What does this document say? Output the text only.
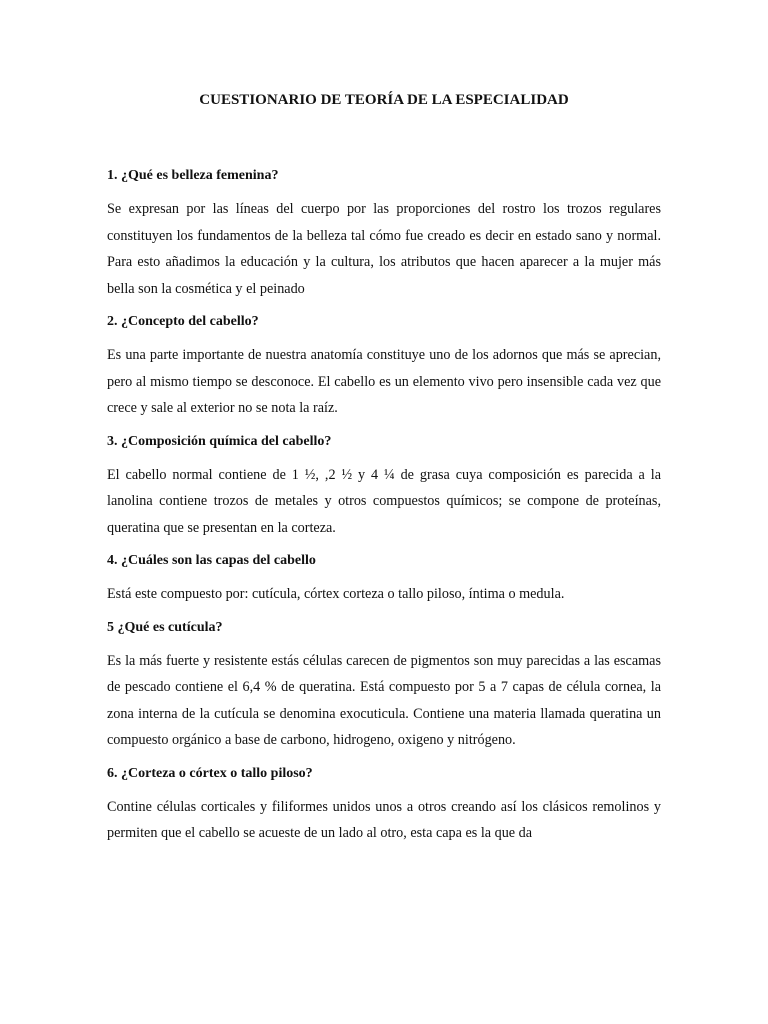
CUESTIONARIO DE TEORÍA DE LA ESPECIALIDAD
1. ¿Qué es belleza femenina?
Se expresan por las líneas del cuerpo por las proporciones del rostro los trozos regulares constituyen los fundamentos de la belleza tal cómo fue creado es decir en estado sano y normal. Para esto añadimos la educación y la cultura, los atributos que hacen aparecer a la mujer más bella son la cosmética y el peinado
2. ¿Concepto del cabello?
Es una parte importante de nuestra anatomía constituye uno de los adornos que más se aprecian, pero al mismo tiempo se desconoce. El cabello es un elemento vivo pero insensible cada vez que crece y sale al exterior no se nota la raíz.
3. ¿Composición química del cabello?
El cabello normal contiene de 1 ½, ,2 ½ y 4 ¼ de grasa cuya composición es parecida a la lanolina contiene trozos de metales y otros compuestos químicos; se compone de proteínas, queratina que se presentan en la corteza.
4. ¿Cuáles son las capas del cabello
Está este compuesto por: cutícula, córtex corteza o tallo piloso, íntima o medula.
5 ¿Qué es cutícula?
Es la más fuerte y resistente estás células carecen de pigmentos son muy parecidas a las escamas de pescado contiene el 6,4 % de queratina. Está compuesto por 5 a 7 capas de célula cornea, la zona interna de la cutícula se denomina exocuticula. Contiene una materia llamada queratina un compuesto orgánico a base de carbono, hidrogeno, oxigeno y nitrógeno.
6. ¿Corteza o córtex o tallo piloso?
Contine células corticales y filiformes unidos unos a otros creando así los clásicos remolinos y permiten que el cabello se acueste de un lado al otro, esta capa es la que da
